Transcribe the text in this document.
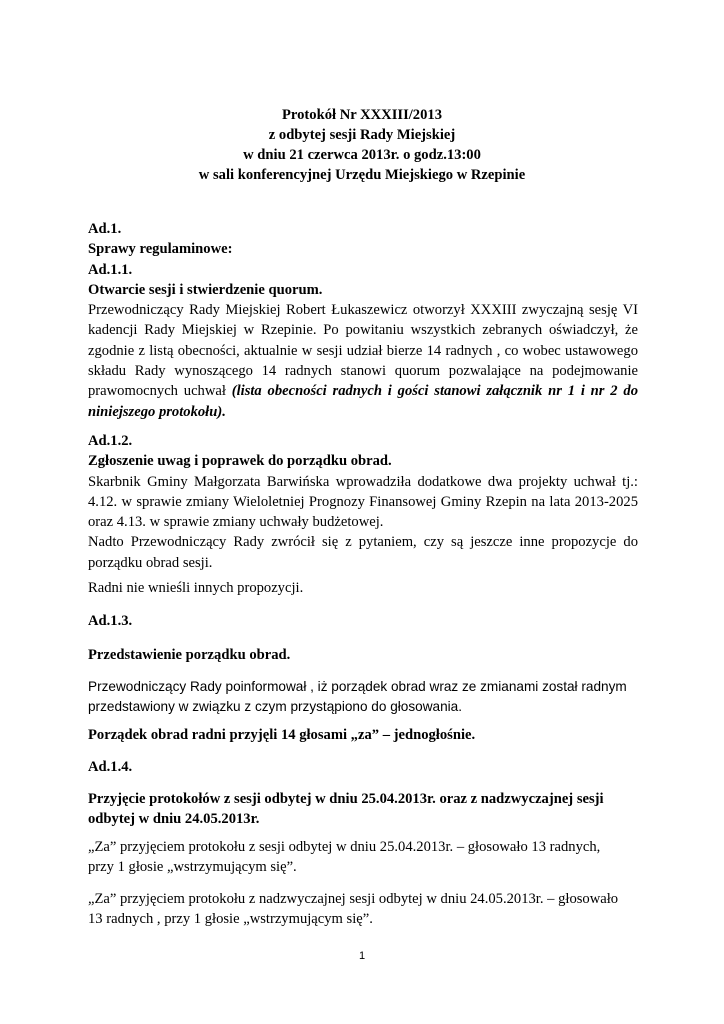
Protokół Nr XXXIII/2013
z odbytej sesji Rady Miejskiej
w dniu 21 czerwca 2013r. o godz.13:00
w sali konferencyjnej Urzędu Miejskiego w Rzepinie
Ad.1.
Sprawy regulaminowe:
Ad.1.1.
Otwarcie sesji i stwierdzenie quorum.
Przewodniczący Rady Miejskiej Robert Łukaszewicz otworzył XXXIII zwyczajną sesję VI
kadencji Rady Miejskiej w Rzepinie. Po powitaniu wszystkich zebranych oświadczył, że
zgodnie z listą obecności, aktualnie w sesji udział bierze 14 radnych , co wobec ustawowego
składu Rady wynoszącego 14 radnych stanowi quorum pozwalające na podejmowanie
prawomocnych uchwał (lista obecności radnych i gości stanowi załącznik nr 1 i nr 2 do
niniejszego protokołu).
Ad.1.2.
Zgłoszenie uwag i poprawek do porządku obrad.
Skarbnik Gminy Małgorzata Barwińska wprowadziła dodatkowe dwa projekty uchwał tj.:
4.12. w sprawie zmiany Wieloletniej Prognozy Finansowej Gminy Rzepin na lata 2013-2025
oraz 4.13. w sprawie zmiany uchwały budżetowej.
Nadto Przewodniczący Rady zwrócił się z pytaniem, czy są jeszcze inne propozycje do
porządku obrad sesji.
Radni nie wnieśli innych propozycji.
Ad.1.3.
Przedstawienie porządku obrad.
Przewodniczący Rady poinformował , iż porządek obrad wraz ze zmianami został radnym
przedstawiony w związku z czym przystąpiono do głosowania.
Porządek obrad radni przyjęli 14 głosami „za” – jednogłośnie.
Ad.1.4.
Przyjęcie protokołów z sesji odbytej w dniu 25.04.2013r. oraz z nadzwyczajnej sesji
odbytej w dniu 24.05.2013r.
„Za” przyjęciem protokołu z sesji odbytej w dniu 25.04.2013r. – głosowało 13 radnych,
przy 1 głosie „wstrzymującym się”.
„Za” przyjęciem protokołu z nadzwyczajnej sesji odbytej w dniu 24.05.2013r. – głosowało
13 radnych , przy 1 głosie „wstrzymującym się”.
1
